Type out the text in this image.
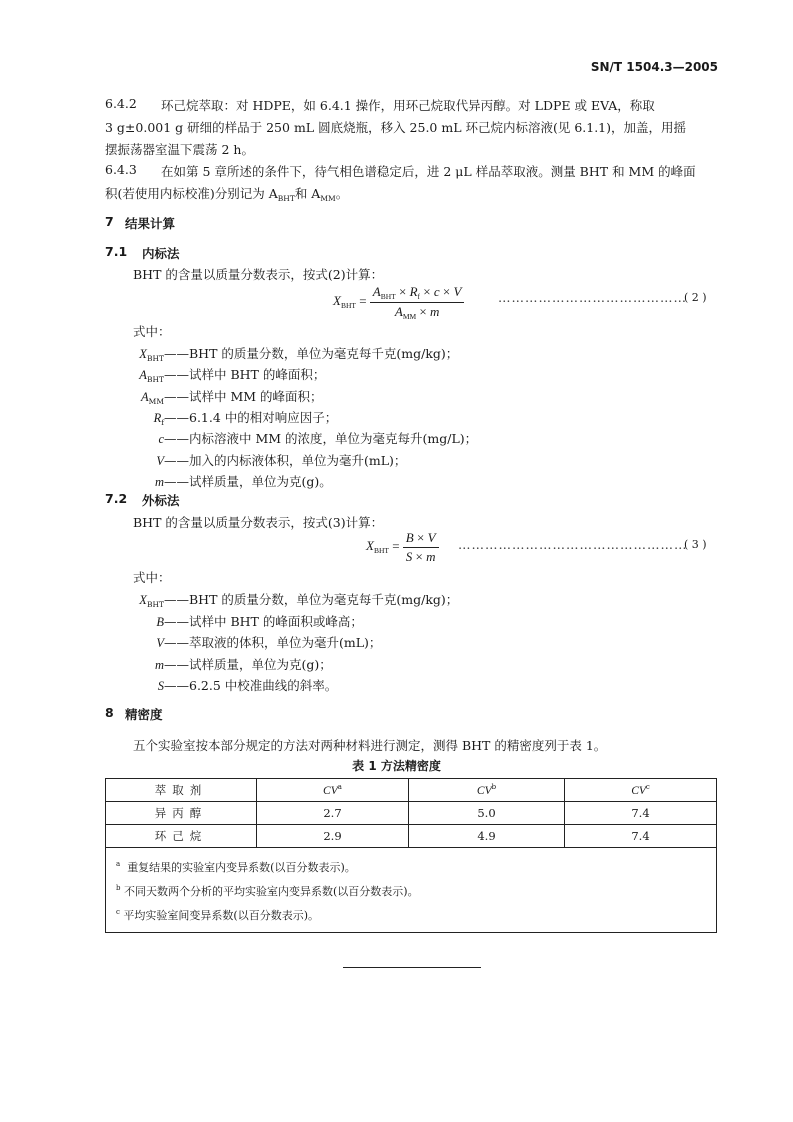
SN/T 1504.3—2005
6.4.2 环己烷萃取：对 HDPE，如 6.4.1 操作，用环己烷取代异丙醇。对 LDPE 或 EVA，称取
3 g±0.001 g 研细的样品于 250 mL 圆底烧瓶，移入 25.0 mL 环己烷内标溶液(见 6.1.1)，加盖，用摇
摆振荡器室温下震荡 2 h。
6.4.3 在如第 5 章所述的条件下，待气相色谱稳定后，进 2 μL 样品萃取液。测量 BHT 和 MM 的峰面
积(若使用内标校准)分别记为 $A_{BHT}$和 $A_{MM}$。
7 结果计算
7.1 内标法
BHT 的含量以质量分数表示，按式(2)计算：
$X_{BHT} = \frac{A_{BHT} \times R_f \times c \times V}{A_{MM} \times m}$	……………………………………
( 2 )
式中：
$X_{BHT}——BHT$ 的质量分数，单位为毫克每千克(mg/kg)；
$A_{BHT}——$试样中 BHT 的峰面积；
$A_{MM}——$试样中 MM 的峰面积；
$R_f——6.1.4$ 中的相对响应因子；
c——内标溶液中 MM 的浓度，单位为毫克每升(mg/L)；
V——加入的内标液体积，单位为毫升(mL)；
m——试样质量，单位为克(g)。
7.2 外标法
BHT 的含量以质量分数表示，按式(3)计算：
$X_{BHT} = \frac{B \times V}{S \times m}$ ……………………………………………
( 3 )
式中：
$X_{BHT}——BHT$ 的质量分数，单位为毫克每千克(mg/kg)；
B——试样中 BHT 的峰面积或峰高；
V——萃取液的体积，单位为毫升(mL)；
m——试样质量，单位为克(g)；
S——6.2.5 中校准曲线的斜率。
8 精密度
五个实验室按本部分规定的方法对两种材料进行测定，测得 BHT 的精密度列于表 1。
表 1 方法精密度
萃取剂	$CV^a$	$CV^b$	$CV^c$
异丙醇	2.7	5.0	7.4
环己烷	2.9	4.9	7.4

$^a$ 重复结果的实验室内变异系数(以百分数表示)。
$^b$ 不同天数两个分析的平均实验室内变异系数(以百分数表示)。
$^c$ 平均实验室间变异系数(以百分数表示)。			
